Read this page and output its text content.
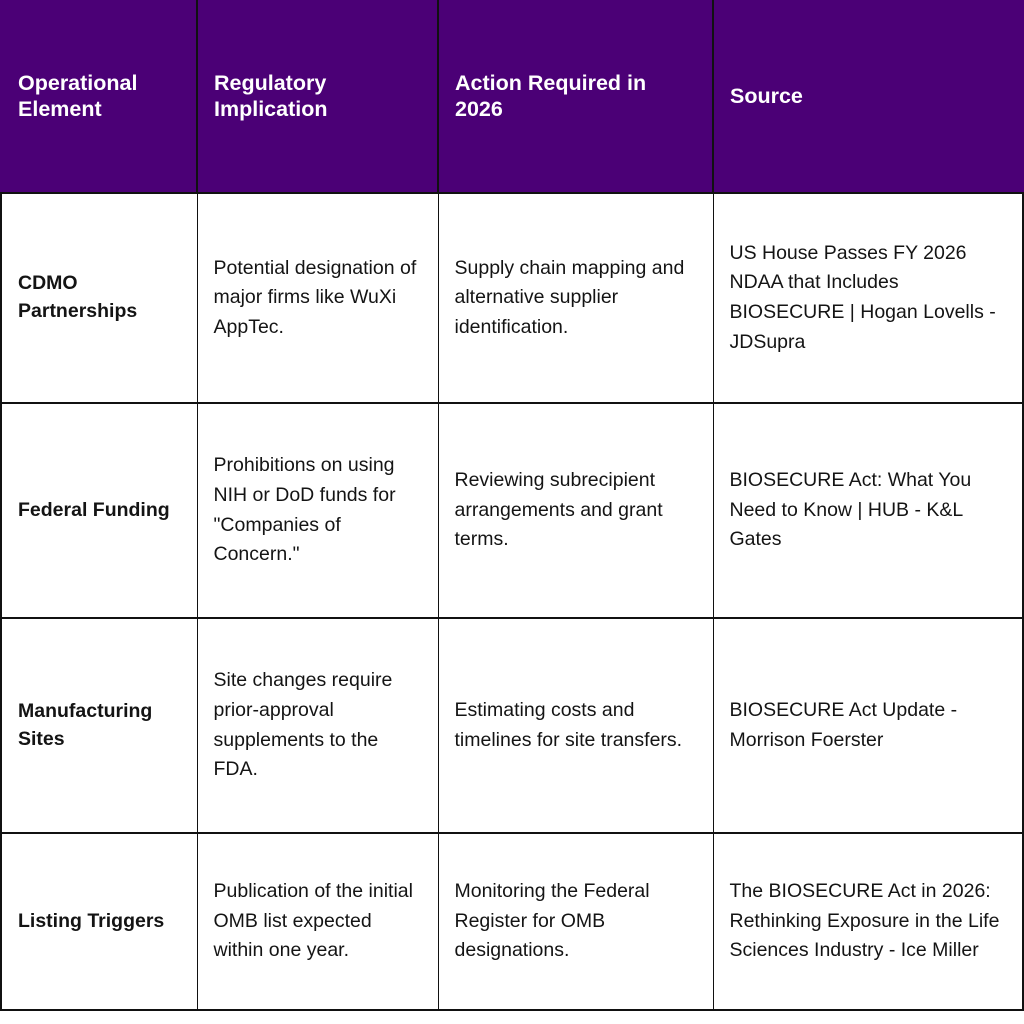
Operational Element	Regulatory Implication	Action Required in 2026	Source
CDMO Partnerships	Potential designation of major firms like WuXi AppTec.	Supply chain mapping and alternative supplier identification.	US House Passes FY 2026 NDAA that Includes BIOSECURE | Hogan Lovells - JDSupra
Federal Funding	Prohibitions on using NIH or DoD funds for "Companies of Concern."	Reviewing subrecipient arrangements and grant terms.	BIOSECURE Act: What You Need to Know | HUB - K&L Gates
Manufacturing Sites	Site changes require prior-approval supplements to the FDA.	Estimating costs and timelines for site transfers.	BIOSECURE Act Update - Morrison Foerster
Listing Triggers	Publication of the initial OMB list expected within one year.	Monitoring the Federal Register for OMB designations.	The BIOSECURE Act in 2026: Rethinking Exposure in the Life Sciences Industry - Ice Miller
